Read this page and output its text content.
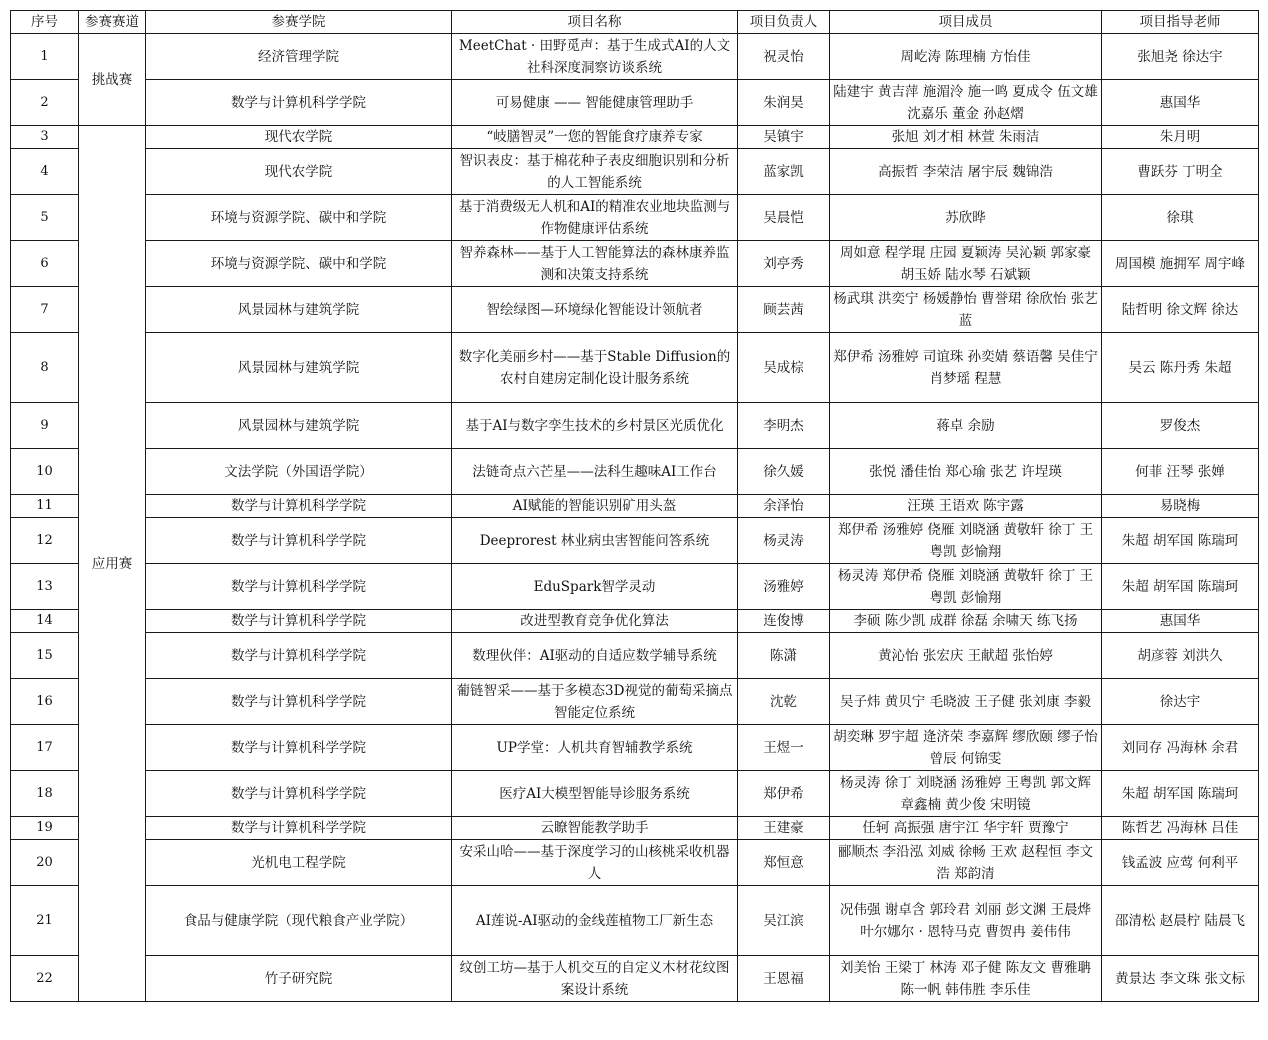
序号	参赛赛道	参赛学院	项目名称	项目负责人	项目成员	项目指导老师
1	挑战赛	经济管理学院	MeetChat · 田野觅声：基于生成式AI的人文社科深度洞察访谈系统	祝灵怡	周屹涛 陈理楠 方怡佳	张旭尧 徐达宇
2		数学与计算机科学学院	可易健康 —— 智能健康管理助手	朱润昊	陆建宇 黄吉萍 施湄泠 施一鸣 夏成令 伍文雄 沈嘉乐 董金 孙赵熠	惠国华
3	应用赛	现代农学院	“岐膳智灵”一您的智能食疗康养专家	吴镇宇	张旭 刘才相 林萱 朱雨洁	朱月明
4		现代农学院	智识表皮：基于棉花种子表皮细胞识别和分析的人工智能系统	蓝家凯	高振哲 李荣洁 屠宇辰 魏锦浩	曹跃芬 丁明全
5		环境与资源学院、碳中和学院	基于消费级无人机和AI的精准农业地块监测与作物健康评估系统	吴晨恺	苏欣晔	徐琪
6		环境与资源学院、碳中和学院	智养森林——基于人工智能算法的森林康养监测和决策支持系统	刘亭秀	周如意 程学琨 庄园 夏颖涛 吴沁颖 郭家豪 胡玉娇 陆水琴 石斌颖	周国模 施拥军 周宇峰
7		风景园林与建筑学院	智绘绿图—环境绿化智能设计领航者	顾芸茜	杨武琪 洪奕宁 杨媛静怡 曹誉珺 徐欣怡 张艺蓝	陆哲明 徐文辉 徐达
8		风景园林与建筑学院	数字化美丽乡村——基于Stable Diffusion的农村自建房定制化设计服务系统	吴成棕	郑伊希 汤雅婷 司谊珠 孙奕婧 蔡语馨 吴佳宁 肖梦瑶 程慧	吴云 陈丹秀 朱超
9		风景园林与建筑学院	基于AI与数字孪生技术的乡村景区光质优化	李明杰	蒋卓 余励	罗俊杰
10		文法学院（外国语学院）	法链奇点六芒星——法科生趣味AI工作台	徐久媛	张悦 潘佳怡 郑心瑜 张艺 许埕瑛	何菲 汪琴 张婵
11		数学与计算机科学学院	AI赋能的智能识别矿用头盔	余泽怡	汪瑛 王语欢 陈宇露	易晓梅
12		数学与计算机科学学院	Deeprorest 林业病虫害智能问答系统	杨灵涛	郑伊希 汤雅婷 侥雁 刘晓涵 黄敬轩 徐丁 王粤凯 彭愉翔	朱超 胡军国 陈瑞珂
13		数学与计算机科学学院	EduSpark智学灵动	汤雅婷	杨灵涛 郑伊希 侥雁 刘晓涵 黄敬轩 徐丁 王粤凯 彭愉翔	朱超 胡军国 陈瑞珂
14		数学与计算机科学学院	改进型教育竞争优化算法	连俊博	李硕 陈少凯 成群 徐磊 余啸天 练飞扬	惠国华
15		数学与计算机科学学院	数理伙伴：AI驱动的自适应数学辅导系统	陈潇	黄沁怡 张宏庆 王献超 张怡婷	胡彦蓉 刘洪久
16		数学与计算机科学学院	葡链智采——基于多模态3D视觉的葡萄采摘点智能定位系统	沈乾	吴子炜 黄贝宁 毛晓波 王子健 张刘康 李毅	徐达宇
17		数学与计算机科学学院	UP学堂：人机共育智辅教学系统	王煜一	胡奕琳 罗宇超 逄济荣 李嘉辉 缪欣颐 缪子怡 曾辰 何锦雯	刘同存 冯海林 余君
18		数学与计算机科学学院	医疗AI大模型智能导诊服务系统	郑伊希	杨灵涛 徐丁 刘晓涵 汤雅婷 王粤凯 郭文辉 章鑫楠 黄少俊 宋明镜	朱超 胡军国 陈瑞珂
19		数学与计算机科学学院	云瞭智能教学助手	王建豪	任轲 高振强 唐宇江 华宇轩 贾豫宁	陈哲艺 冯海林 吕佳
20		光机电工程学院	安采山哈——基于深度学习的山核桃采收机器人	郑恒意	郦顺杰 李沿泓 刘威 徐畅 王欢 赵程恒 李文浩 郑韵清	钱孟波 应莺 何利平
21		食品与健康学院（现代粮食产业学院）	AI莲说-AI驱动的金线莲植物工厂新生态	吴江滨	况伟强 谢卓含 郭玲君 刘丽 彭文渊 王晨烨 叶尔娜尔 · 恩特马克 曹贺冉 姜伟伟	邵清松 赵晨柠 陆晨飞
22		竹子研究院	纹创工坊—基于人机交互的自定义木材花纹图案设计系统	王恩福	刘美怡 王梁丁 林涛 邓子健 陈友文 曹雅聃 陈一帆 韩伟胜 李乐佳	黄景达 李文珠 张文标
